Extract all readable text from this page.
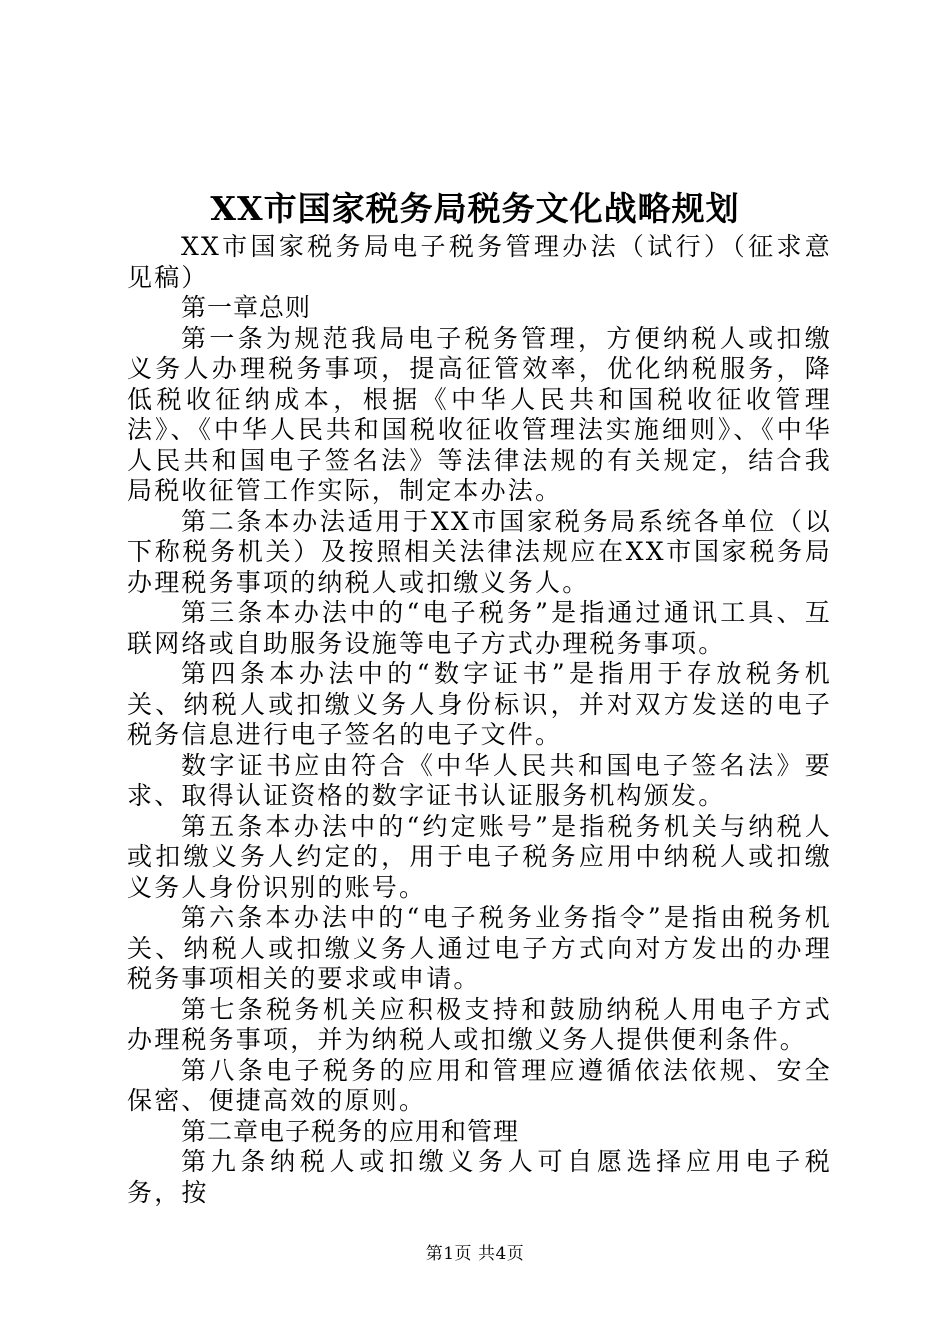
XX市国家税务局税务文化战略规划

XX市国家税务局电子税务管理办法（试行）（征求意见稿）

第一章总则

第一条为规范我局电子税务管理，方便纳税人或扣缴义务人办理税务事项，提高征管效率，优化纳税服务，降低税收征纳成本，根据《中华人民共和国税收征收管理法》、《中华人民共和国税收征收管理法实施细则》、《中华人民共和国电子签名法》等法律法规的有关规定，结合我局税收征管工作实际，制定本办法。

第二条本办法适用于XX市国家税务局系统各单位（以下称税务机关）及按照相关法律法规应在XX市国家税务局办理税务事项的纳税人或扣缴义务人。

第三条本办法中的“电子税务”是指通过通讯工具、互联网络或自助服务设施等电子方式办理税务事项。

第四条本办法中的“数字证书”是指用于存放税务机关、纳税人或扣缴义务人身份标识，并对双方发送的电子税务信息进行电子签名的电子文件。

数字证书应由符合《中华人民共和国电子签名法》要求、取得认证资格的数字证书认证服务机构颁发。

第五条本办法中的“约定账号”是指税务机关与纳税人或扣缴义务人约定的，用于电子税务应用中纳税人或扣缴义务人身份识别的账号。

第六条本办法中的“电子税务业务指令”是指由税务机关、纳税人或扣缴义务人通过电子方式向对方发出的办理税务事项相关的要求或申请。

第七条税务机关应积极支持和鼓励纳税人用电子方式办理税务事项，并为纳税人或扣缴义务人提供便利条件。

第八条电子税务的应用和管理应遵循依法依规、安全保密、便捷高效的原则。

第二章电子税务的应用和管理

第九条纳税人或扣缴义务人可自愿选择应用电子税务，按

第1页 共4页
